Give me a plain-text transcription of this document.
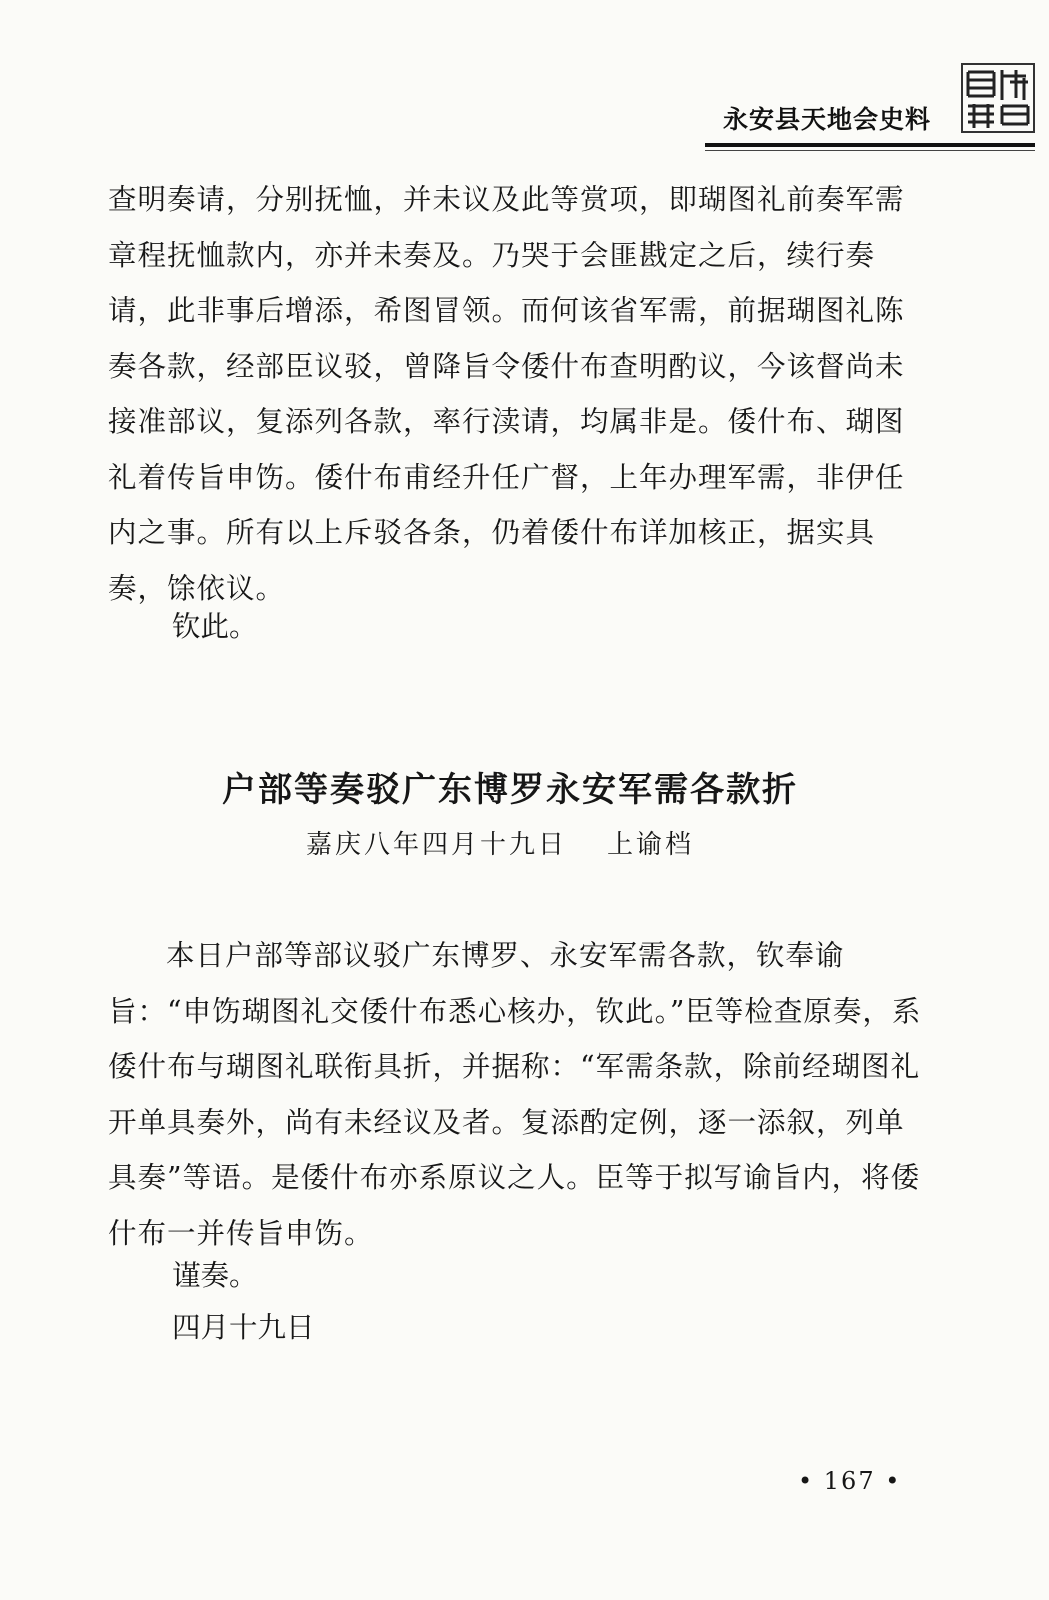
永安县天地会史料

查明奏请，分别抚恤，并未议及此等赏项，即瑚图礼前奏军需章程抚恤款内，亦并未奏及。乃哭于会匪戡定之后，续行奏请，此非事后增添，希图冒领。而何该省军需，前据瑚图礼陈奏各款，经部臣议驳，曾降旨令倭什布查明酌议，今该督尚未接准部议，复添列各款，率行渎请，均属非是。倭什布、瑚图礼着传旨申饬。倭什布甫经升任广督，上年办理军需，非伊任内之事。所有以上斥驳各条，仍着倭什布详加核正，据实具奏，馀依议。

钦此。
户部等奏驳广东博罗永安军需各款折
嘉庆八年四月十九日 上谕档

本日户部等部议驳广东博罗、永安军需各款，钦奉谕旨：“申饬瑚图礼交倭什布悉心核办，钦此。”臣等检查原奏，系倭什布与瑚图礼联衔具折，并据称：“军需条款，除前经瑚图礼开单具奏外，尚有未经议及者。复添酌定例，逐一添叙，列单具奏”等语。是倭什布亦系原议之人。臣等于拟写谕旨内，将倭什布一并传旨申饬。

谨奏。
四月十九日
• 167 •
